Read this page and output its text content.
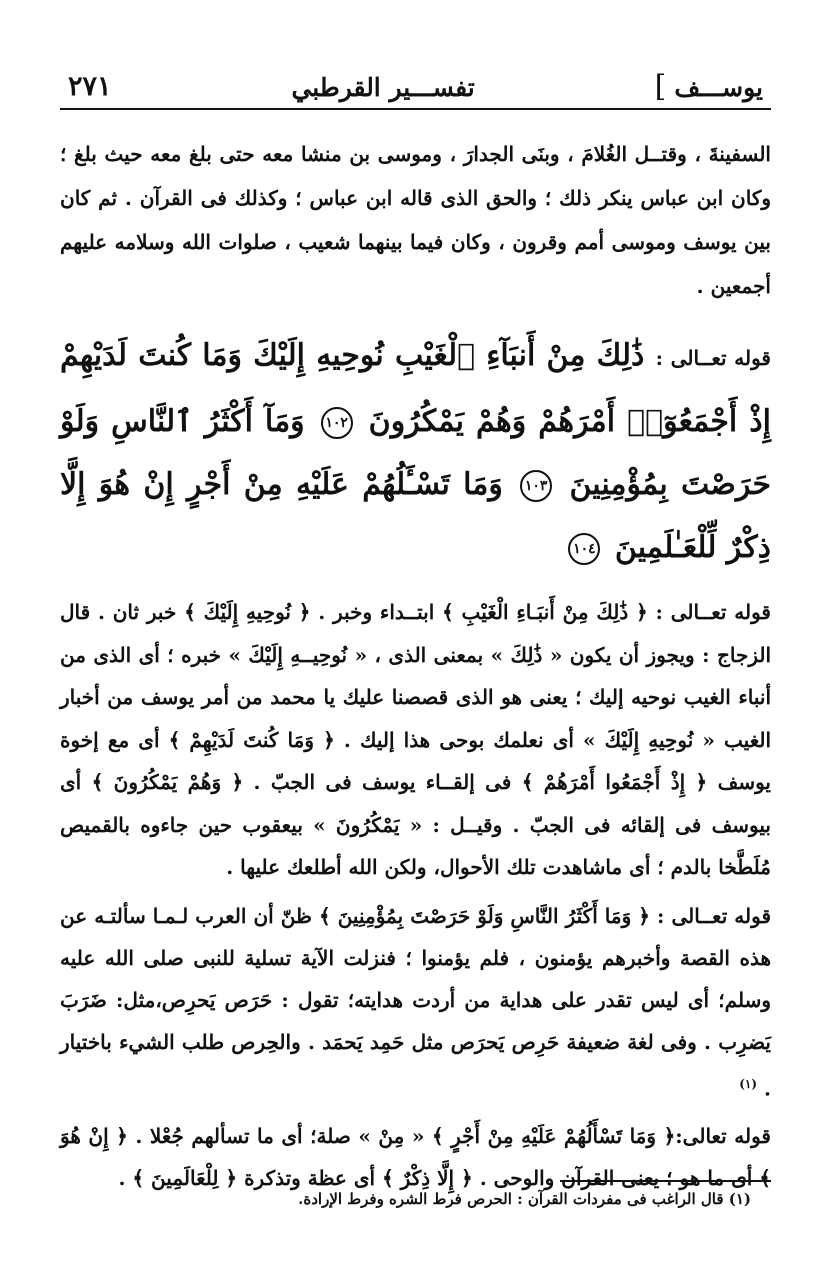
يوســـف
]
تفســـير القرطبي
٢٧١

السفينةَ ، وقتــل الغُلامَ ، وبنَى الجدارَ ، وموسى بن منشا معه حتى بلغ معه حيث بلغ ؛ وكان ابن عباس ينكر ذلك ؛ والحق الذى قاله ابن عباس ؛ وكذلك فى القرآن . ثم كان بين يوسف وموسى أمم وقرون ، وكان فيما بينهما شعيب ، صلوات الله وسلامه عليهم أجمعين .

قوله تعــالى : ذَٰلِكَ مِنْ أَنبَآءِ ٱلْغَيْبِ نُوحِيهِ إِلَيْكَ وَمَا كُنتَ لَدَيْهِمْ إِذْ أَجْمَعُوٓا۟ أَمْرَهُمْ وَهُمْ يَمْكُرُونَ ١٠٢ وَمَآ أَكْثَرُ ٱلنَّاسِ وَلَوْ حَرَصْتَ بِمُؤْمِنِينَ ١٠٣ وَمَا تَسْـَٔلُهُمْ عَلَيْهِ مِنْ أَجْرٍ إِنْ هُوَ إِلَّا ذِكْرٌ لِّلْعَـٰلَمِينَ ١٠٤

قوله تعــالى : ﴿ ذَٰلِكَ مِنْ أَنبَـاءِ الْغَيْبِ ﴾ ابتــداء وخبر . ﴿ نُوحِيهِ إِلَيْكَ ﴾ خبر ثان . قال الزجاج : ويجوز أن يكون « ذَٰلِكَ » بمعنى الذى ، « نُوحِيــهِ إِلَيْكَ » خبره ؛ أى الذى من أنباء الغيب نوحيه إليك ؛ يعنى هو الذى قصصنا عليك يا محمد من أمر يوسف من أخبار الغيب « نُوحِيهِ إِلَيْكَ » أى نعلمك بوحى هذا إليك . ﴿ وَمَا كُنتَ لَدَيْهِمْ ﴾ أى مع إخوة يوسف ﴿ إِذْ أَجْمَعُوا أَمْرَهُمْ ﴾ فى إلقــاء يوسف فى الجبّ . ﴿ وَهُمْ يَمْكُرُونَ ﴾ أى بيوسف فى إلقائه فى الجبّ . وقيــل : « يَمْكُرُونَ » بيعقوب حين جاءوه بالقميص مُلَطَّخا بالدم ؛ أى ماشاهدت تلك الأحوال، ولكن الله أطلعك عليها .

قوله تعــالى : ﴿ وَمَا أَكْثَرُ النَّاسِ وَلَوْ حَرَصْتَ بِمُؤْمِنِينَ ﴾ ظنّ أن العرب لـمـا سألتـه عن هذه القصة وأخبرهم يؤمنون ، فلم يؤمنوا ؛ فنزلت الآية تسلية للنبى صلى الله عليه وسلم؛ أى ليس تقدر على هداية من أردت هدايته؛ تقول : حَرَص يَحرِص،مثل: ضَرَبَ يَضرِب . وفى لغة ضعيفة حَرِص يَحرَص مثل حَمِد يَحمَد . والحِرص طلب الشيء باختيار . $^{(١)}$

قوله تعالى:﴿ وَمَا تَسْأَلُهُمْ عَلَيْهِ مِنْ أَجْرٍ ﴾ « مِنْ » صلة؛ أى ما تسألهم جُعْلا . ﴿ إِنْ هُوَ ﴾ أى ما هو ؛ يعنى القرآن والوحى . ﴿ إِلَّا ذِكْرٌ ﴾ أى عظة وتذكرة ﴿ لِلْعَالَمِينَ ﴾ .

(١) قال الراغب فى مفردات القرآن : الحرص فرط الشره وفرط الإرادة.
